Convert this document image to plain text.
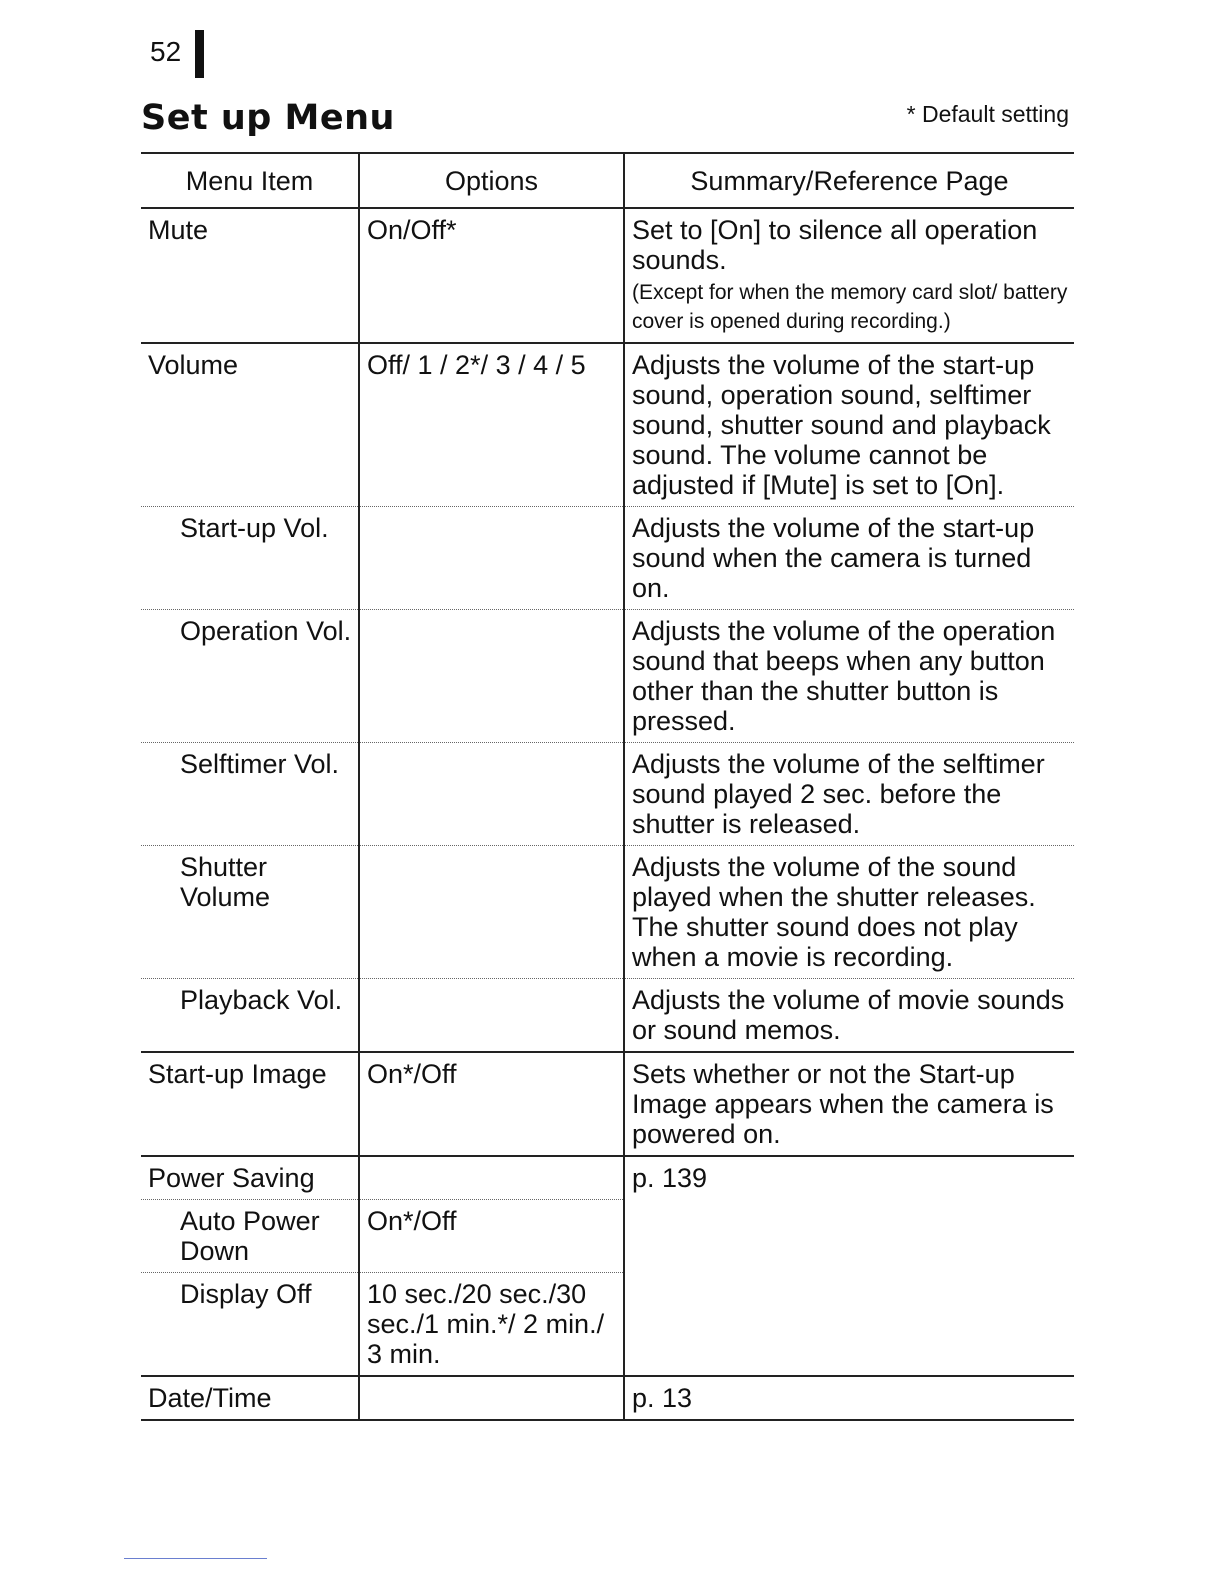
52
Set up Menu	* Default setting
Menu Item	Options	Summary/Reference Page
Mute	On/Off*	Set to [On] to silence all operation sounds.
(Except for when the memory card slot/ battery cover is opened during recording.)

Volume	Off/ 1 / 2*/ 3 / 4 / 5	Adjusts the volume of the start-up sound, operation sound, selftimer sound, shutter sound and playback sound. The volume cannot be adjusted if [Mute] is set to [On].
Start-up Vol.		Adjusts the volume of the start-up sound when the camera is turned on.
Operation Vol.		Adjusts the volume of the operation sound that beeps when any button other than the shutter button is pressed.
Selftimer Vol.		Adjusts the volume of the selftimer sound played 2 sec. before the shutter is released.
Shutter Volume		Adjusts the volume of the sound played when the shutter releases. The shutter sound does not play when a movie is recording.
Playback Vol.		Adjusts the volume of movie sounds or sound memos.
Start-up Image	On*/Off	Sets whether or not the Start-up Image appears when the camera is powered on.
Power Saving		p. 139
Auto Power Down	On*/Off	
Display Off	10 sec./20 sec./30 sec./1 min.*/ 2 min./ 3 min.	
Date/Time		p. 13
